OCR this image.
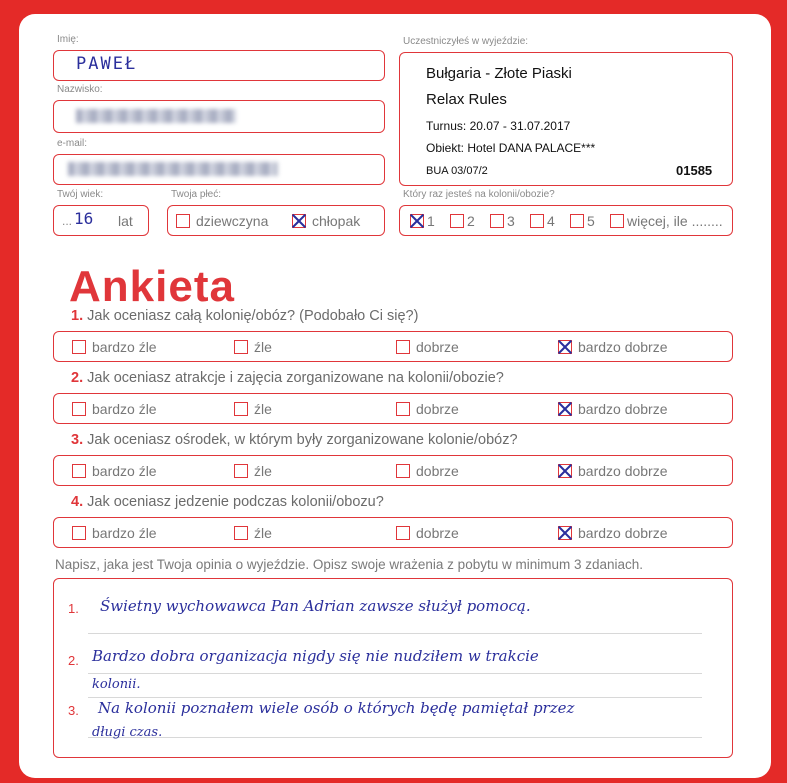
Imię:
PAWEŁ
Nazwisko:
e-mail:
Uczestniczyłeś w wyjeździe:
Bułgaria - Złote Piaski
Relax Rules
Turnus: 20.07 - 31.07.2017
Obiekt: Hotel DANA PALACE***
BUA 03/07/2	01585
Twój wiek:
... 16 lat
Twoja płeć:
dziewczyna	chłopak
Który raz jesteś na kolonii/obozie?
1 2 3 4 5 więcej, ile ........
Ankieta
1. Jak oceniasz całą kolonię/obóz? (Podobało Ci się?)
bardzo źle	źle	dobrze	bardzo dobrze
2. Jak oceniasz atrakcje i zajęcia zorganizowane na kolonii/obozie?
bardzo źle	źle	dobrze	bardzo dobrze
3. Jak oceniasz ośrodek, w którym były zorganizowane kolonie/obóz?
bardzo źle	źle	dobrze	bardzo dobrze
4. Jak oceniasz jedzenie podczas kolonii/obozu?
bardzo źle	źle	dobrze	bardzo dobrze
Napisz, jaka jest Twoja opinia o wyjeździe. Opisz swoje wrażenia z pobytu w minimum 3 zdaniach.
1. Świetny wychowawca Pan Adrian zawsze służył pomocą.
2. Bardzo dobra organizacja nigdy się nie nudziłem w trakcie
kolonii.
3. Na kolonii poznałem wiele osób o których będę pamiętał przez
długi czas.
